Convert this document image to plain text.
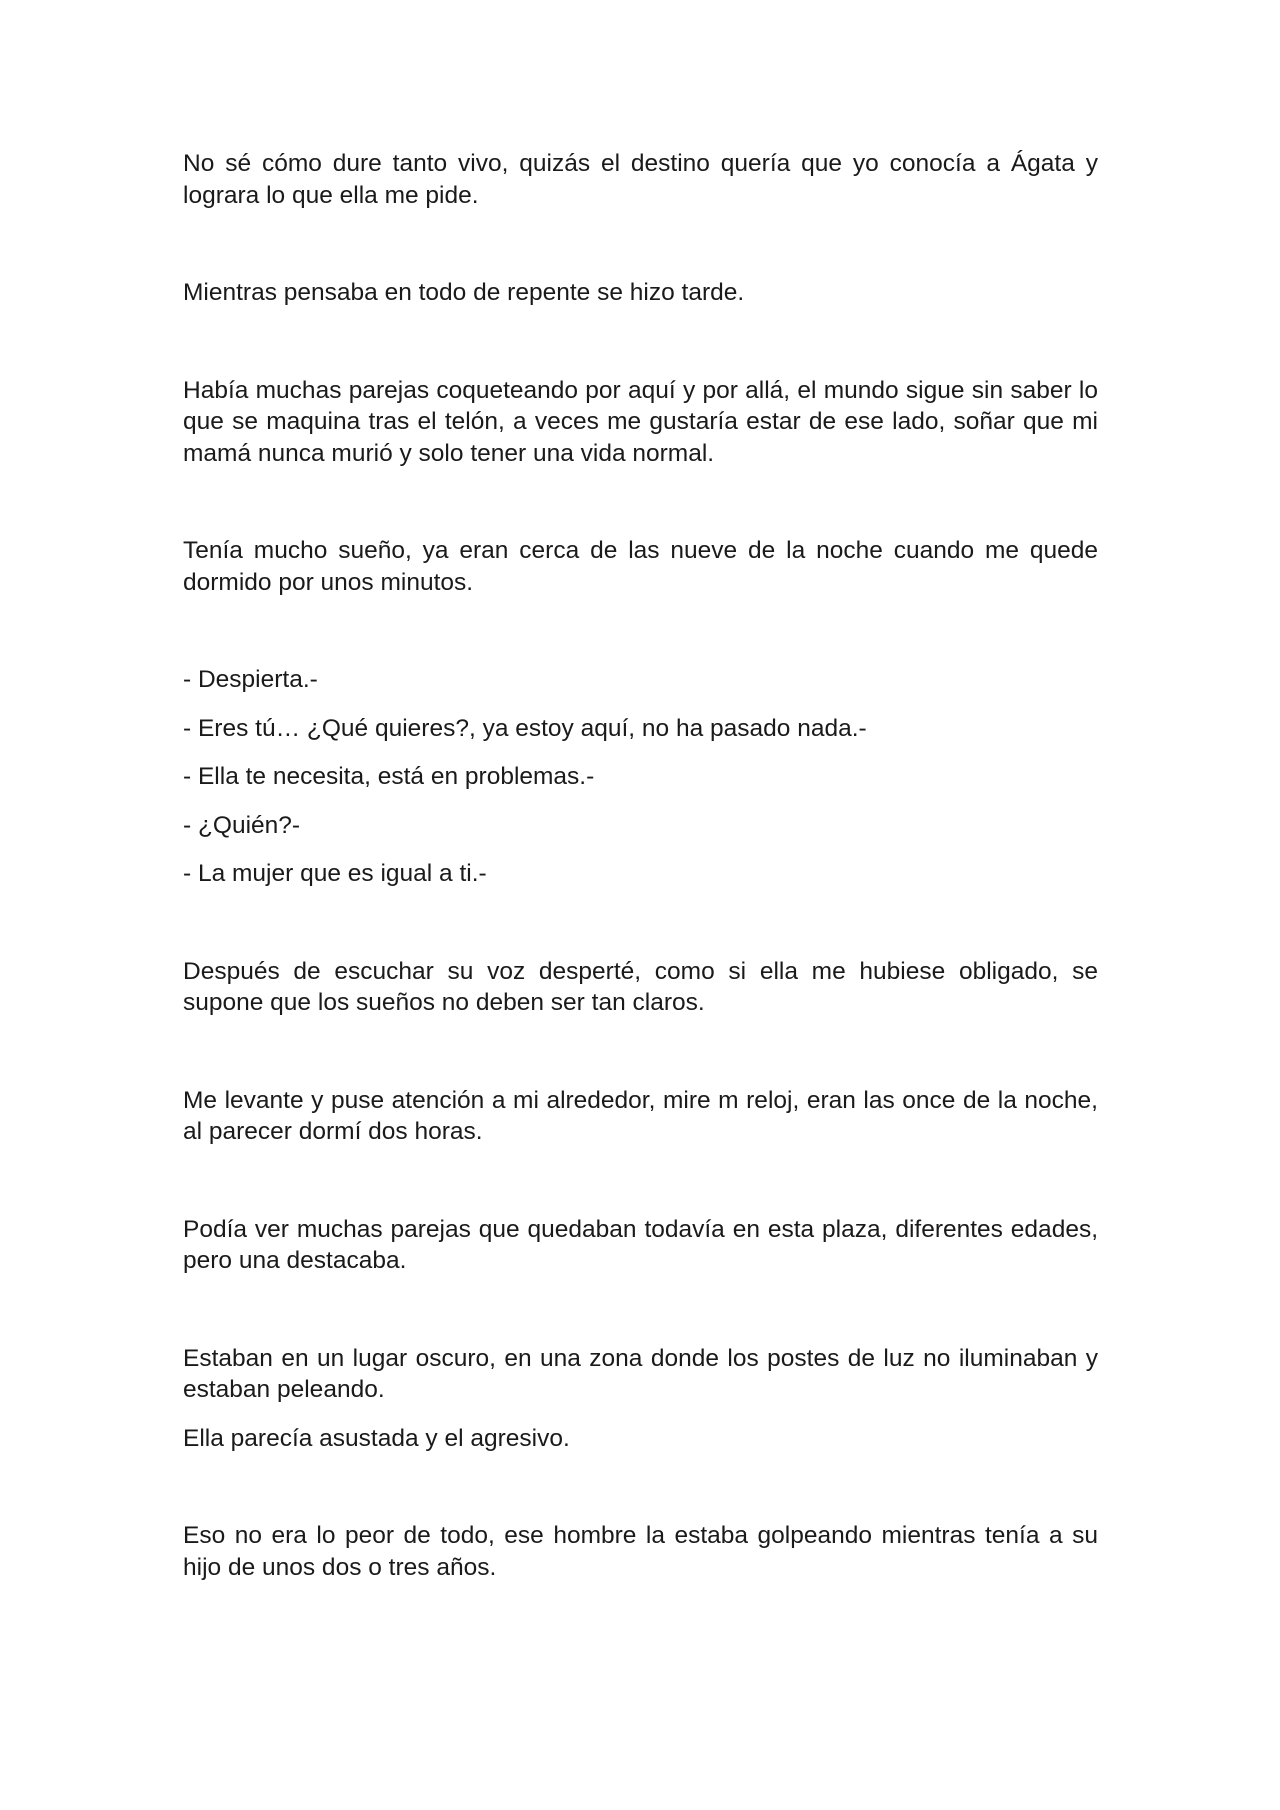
No sé cómo dure tanto vivo, quizás el destino quería que yo conocía a Ágata y lograra lo que ella me pide.

Mientras pensaba en todo de repente se hizo tarde.

Había muchas parejas coqueteando por aquí y por allá, el mundo sigue sin saber lo que se maquina tras el telón, a veces me gustaría estar de ese lado, soñar que mi mamá nunca murió y solo tener una vida normal.

Tenía mucho sueño, ya eran cerca de las nueve de la noche cuando me quede dormido por unos minutos.

- Despierta.-

- Eres tú… ¿Qué quieres?, ya estoy aquí, no ha pasado nada.-

- Ella te necesita, está en problemas.-

- ¿Quién?-

- La mujer que es igual a ti.-

Después de escuchar su voz desperté, como si ella me hubiese obligado, se supone que los sueños no deben ser tan claros.

Me levante y puse atención a mi alrededor, mire m reloj, eran las once de la noche, al parecer dormí dos horas.

Podía ver muchas parejas que quedaban todavía en esta plaza, diferentes edades, pero una destacaba.

Estaban en un lugar oscuro, en una zona donde los postes de luz no iluminaban y estaban peleando.

Ella parecía asustada y el agresivo.

Eso no era lo peor de todo, ese hombre la estaba golpeando mientras tenía a su hijo de unos dos o tres años.
